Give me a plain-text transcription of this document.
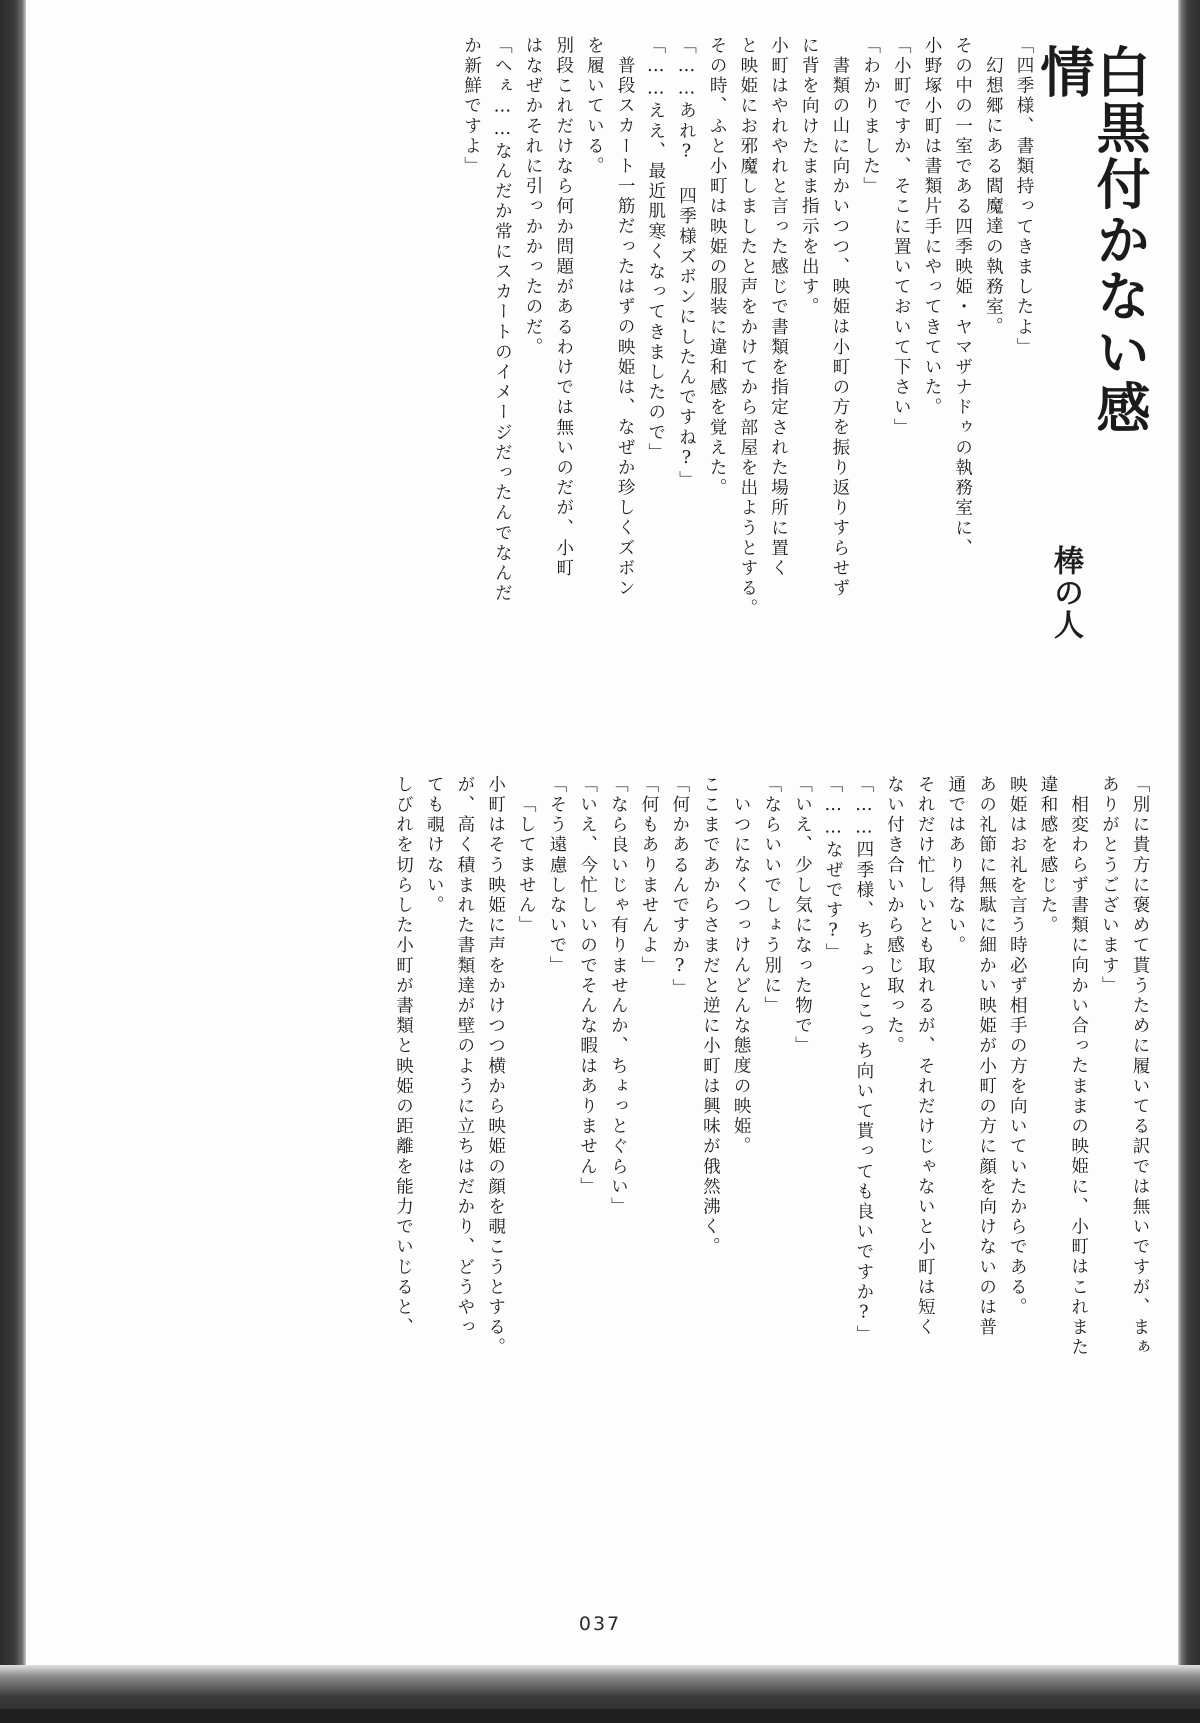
白黒付かない感情
棒の人
「四季様、書類持ってきましたよ」
幻想郷にある閻魔達の執務室。
その中の一室である四季映姫・ヤマザナドゥの執務室に、
小野塚小町は書類片手にやってきていた。
「小町ですか、そこに置いておいて下さい」
「わかりました」
書類の山に向かいつつ、映姫は小町の方を振り返りすらせず
に背を向けたまま指示を出す。
小町はやれやれと言った感じで書類を指定された場所に置く
と映姫にお邪魔しましたと声をかけてから部屋を出ようとする。
その時、ふと小町は映姫の服装に違和感を覚えた。
「……あれ? 四季様ズボンにしたんですね?」
「……ええ、最近肌寒くなってきましたので」
普段スカート一筋だったはずの映姫は、なぜか珍しくズボン
を履いている。
別段これだけなら何か問題があるわけでは無いのだが、小町
はなぜかそれに引っかかったのだ。
「へぇ……なんだか常にスカートのイメージだったんでなんだ
か新鮮ですよ」
「別に貴方に褒めて貰うために履いてる訳では無いですが、まぁ
ありがとうございます」
相変わらず書類に向かい合ったままの映姫に、小町はこれまた
違和感を感じた。
映姫はお礼を言う時必ず相手の方を向いていたからである。
あの礼節に無駄に細かい映姫が小町の方に顔を向けないのは普
通ではあり得ない。
それだけ忙しいとも取れるが、それだけじゃないと小町は短く
ない付き合いから感じ取った。
「……四季様、ちょっとこっち向いて貰っても良いですか?」
「……なぜです?」
「いえ、少し気になった物で」
「ならいいでしょう別に」
いつになくつっけんどんな態度の映姫。
ここまであからさまだと逆に小町は興味が俄然沸く。
「何かあるんですか?」
「何もありませんよ」
「なら良いじゃ有りませんか、ちょっとぐらい」
「いえ、今忙しいのでそんな暇はありません」
「そう遠慮しないで」
「してません」
小町はそう映姫に声をかけつつ横から映姫の顔を覗こうとする。
が、高く積まれた書類達が壁のように立ちはだかり、どうやっ
ても覗けない。
しびれを切らした小町が書類と映姫の距離を能力でいじると、
037
